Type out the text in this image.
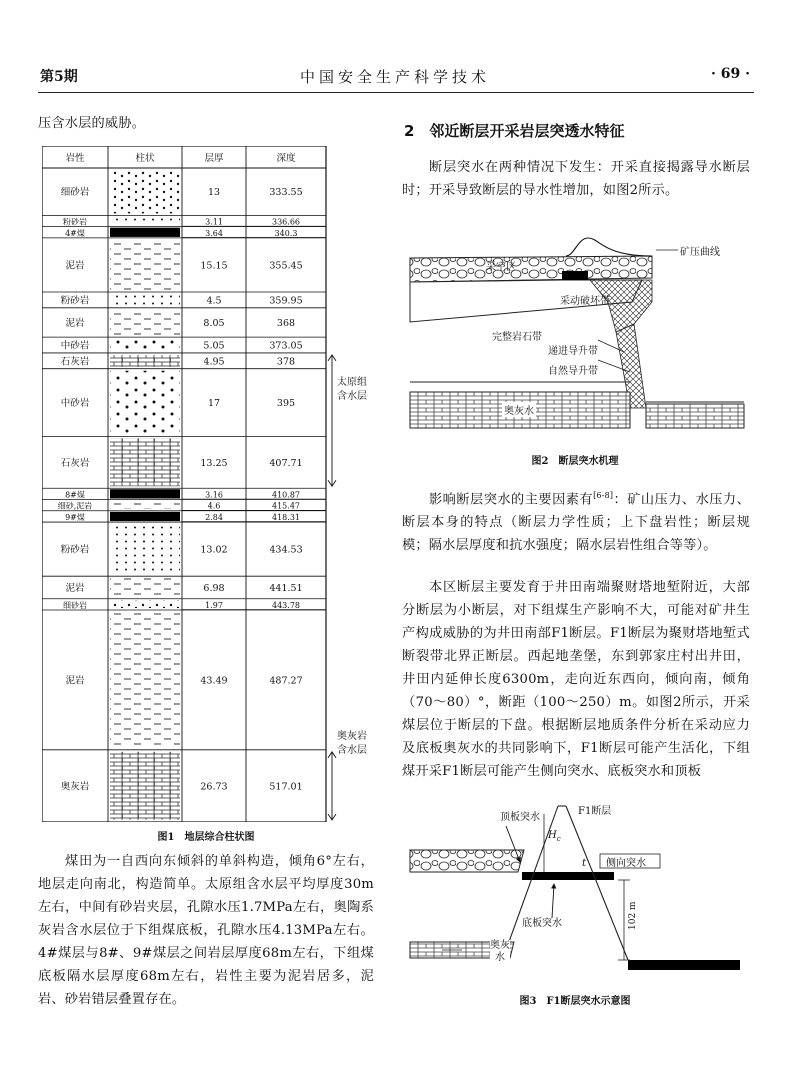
第5期	中国安全生产科学技术	· 69 ·
压含水层的威胁。
细砂岩	13	333.55
粉砂岩	3.11	336.66
4#煤	3.64	340.3
泥岩	15.15	355.45
粉砂岩	4.5	359.95
泥岩	8.05	368
中砂岩	5.05	373.05
石灰岩	4.95	378
中砂岩	17	395
石灰岩	13.25	407.71
8#煤	3.16	410.87
细砂,泥岩	4.6	415.47
9#煤	2.84	418.31
粉砂岩	13.02	434.53
泥岩	6.98	441.51
细砂岩	1.97	443.78
泥岩	43.49	487.27
奥灰岩	26.73	517.01
岩性	柱状	层厚	深度
太原组
含水层
奥灰岩
含水层
图1　地层综合柱状图
煤田为一自西向东倾斜的单斜构造，倾角6°左右，地层走向南北，构造简单。太原组含水层平均厚度30m左右，中间有砂岩夹层，孔隙水压1.7MPa左右，奥陶系灰岩含水层位于下组煤底板，孔隙水压4.13MPa左右。4#煤层与8#、9#煤层之间岩层厚度68m左右，下组煤底板隔水层厚度68m左右，岩性主要为泥岩居多，泥岩、砂岩错层叠置存在。
2　邻近断层开采岩层突透水特征
断层突水在两种情况下发生：开采直接揭露导水断层时；开采导致断层的导水性增加，如图2所示。
采空区
矿压曲线
采动破坏带
完整岩石带
递进导升带
自然导升带
奥灰水
图2　断层突水机理
影响断层突水的主要因素有[6-8]：矿山压力、水压力、断层本身的特点（断层力学性质；上下盘岩性；断层规模；隔水层厚度和抗水强度；隔水层岩性组合等等）。
本区断层主要发育于井田南端聚财塔地堑附近，大部分断层为小断层，对下组煤生产影响不大，可能对矿井生产构成威胁的为井田南部F1断层。F1断层为聚财塔地堑式断裂带北界正断层。西起地垄堡，东到郭家庄村出井田，井田内延伸长度6300m，走向近东西向，倾向南，倾角（70～80）°，断距（100～250）m。如图2所示，开采煤层位于断层的下盘。根据断层地质条件分析在采动应力及底板奥灰水的共同影响下，F1断层可能产生活化，下组煤开采F1断层可能产生侧向突水、底板突水和顶板
顶板突水
F1断层
$H_c$
t 侧向突水
底板突水	102 m
奥灰
水
图3　F1断层突水示意图
